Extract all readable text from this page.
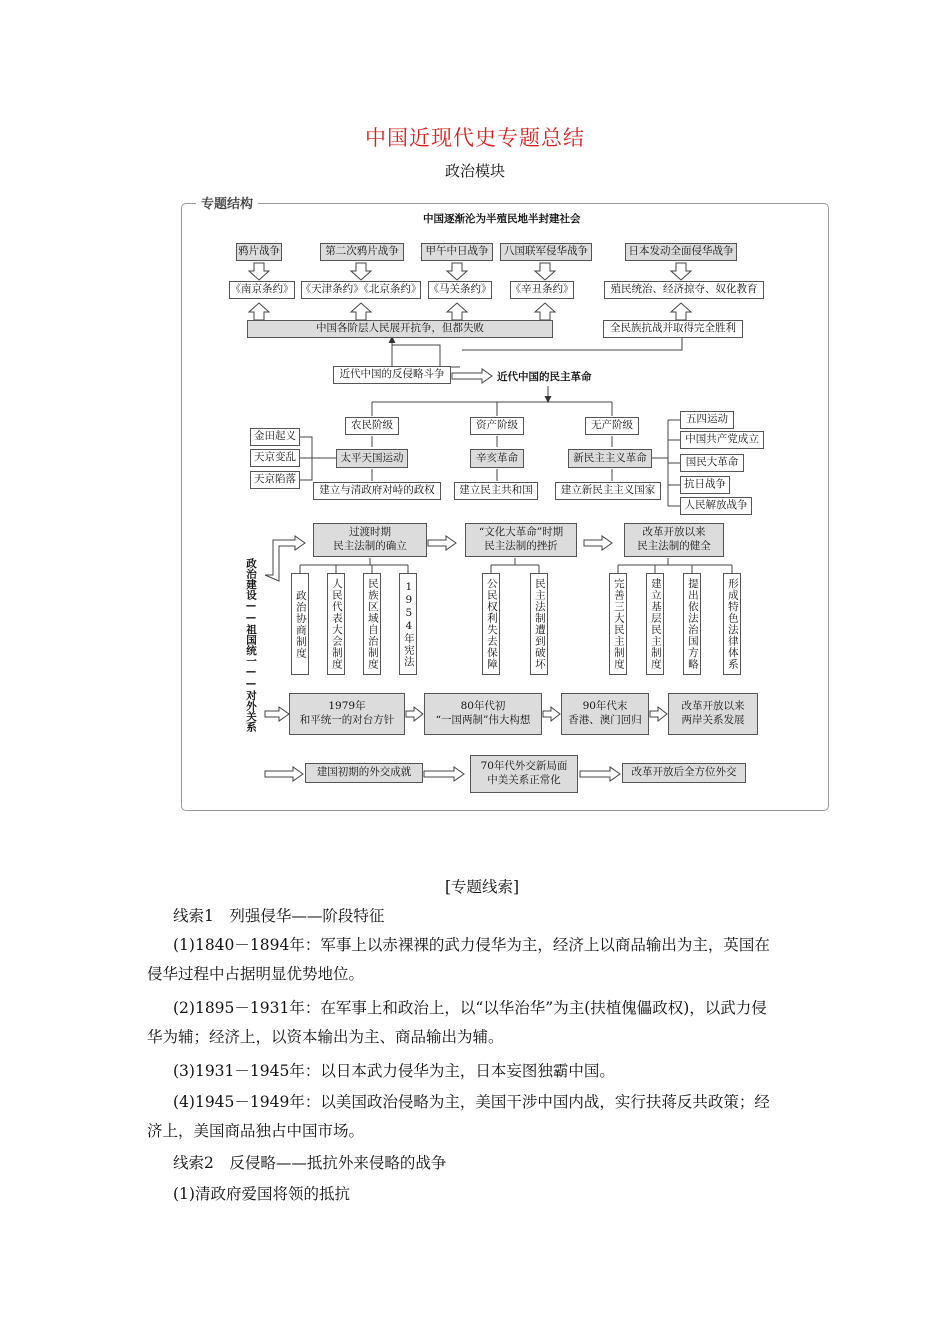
中国近现代史专题总结
政治模块
专题结构
中国逐渐沦为半殖民地半封建社会
鸦片战争	第二次鸦片战争	甲午中日战争	八国联军侵华战争	日本发动全面侵华战争
《南京条约》 《天津条约》《北京条约》 《马关条约》 《辛丑条约》	殖民统治、经济掠夺、奴化教育
中国各阶层人民展开抗争，但都失败	全民族抗战并取得完全胜利
近代中国的反侵略斗争	近代中国的民主革命
农民阶级	资产阶级	无产阶级
金田起义
天京变乱
天京陷落
太平天国运动	辛亥革命	新民主主义革命
建立与清政府对峙的政权	建立民主共和国	建立新民主主义国家
五四运动
中国共产党成立
国民大革命
抗日战争
人民解放战争
政治建设——祖国统一——对外关系
过渡时期
民主法制的确立
“文化大革命”时期
民主法制的挫折
改革开放以来
民主法制的健全
政治协商制度	人民代表大会制度	民族区域自治制度	1954年宪法	公民权利失去保障	民主法制遭到破坏	完善三大民主制度	建立基层民主制度	提出依法治国方略	形成特色法律体系
1979年
和平统一的对台方针
80年代初
“一国两制”伟大构想
90年代末
香港、澳门回归
改革开放以来
两岸关系发展
建国初期的外交成就	70年代外交新局面
中美关系正常化
改革开放后全方位外交
[专题线索]
线索1　列强侵华——阶段特征
(1)1840－1894年：军事上以赤裸裸的武力侵华为主，经济上以商品输出为主，英国在
侵华过程中占据明显优势地位。
(2)1895－1931年：在军事上和政治上，以“以华治华”为主(扶植傀儡政权)，以武力侵
华为辅；经济上，以资本输出为主、商品输出为辅。
(3)1931－1945年：以日本武力侵华为主，日本妄图独霸中国。
(4)1945－1949年：以美国政治侵略为主，美国干涉中国内战，实行扶蒋反共政策；经
济上，美国商品独占中国市场。
线索2　反侵略——抵抗外来侵略的战争
(1)清政府爱国将领的抵抗
